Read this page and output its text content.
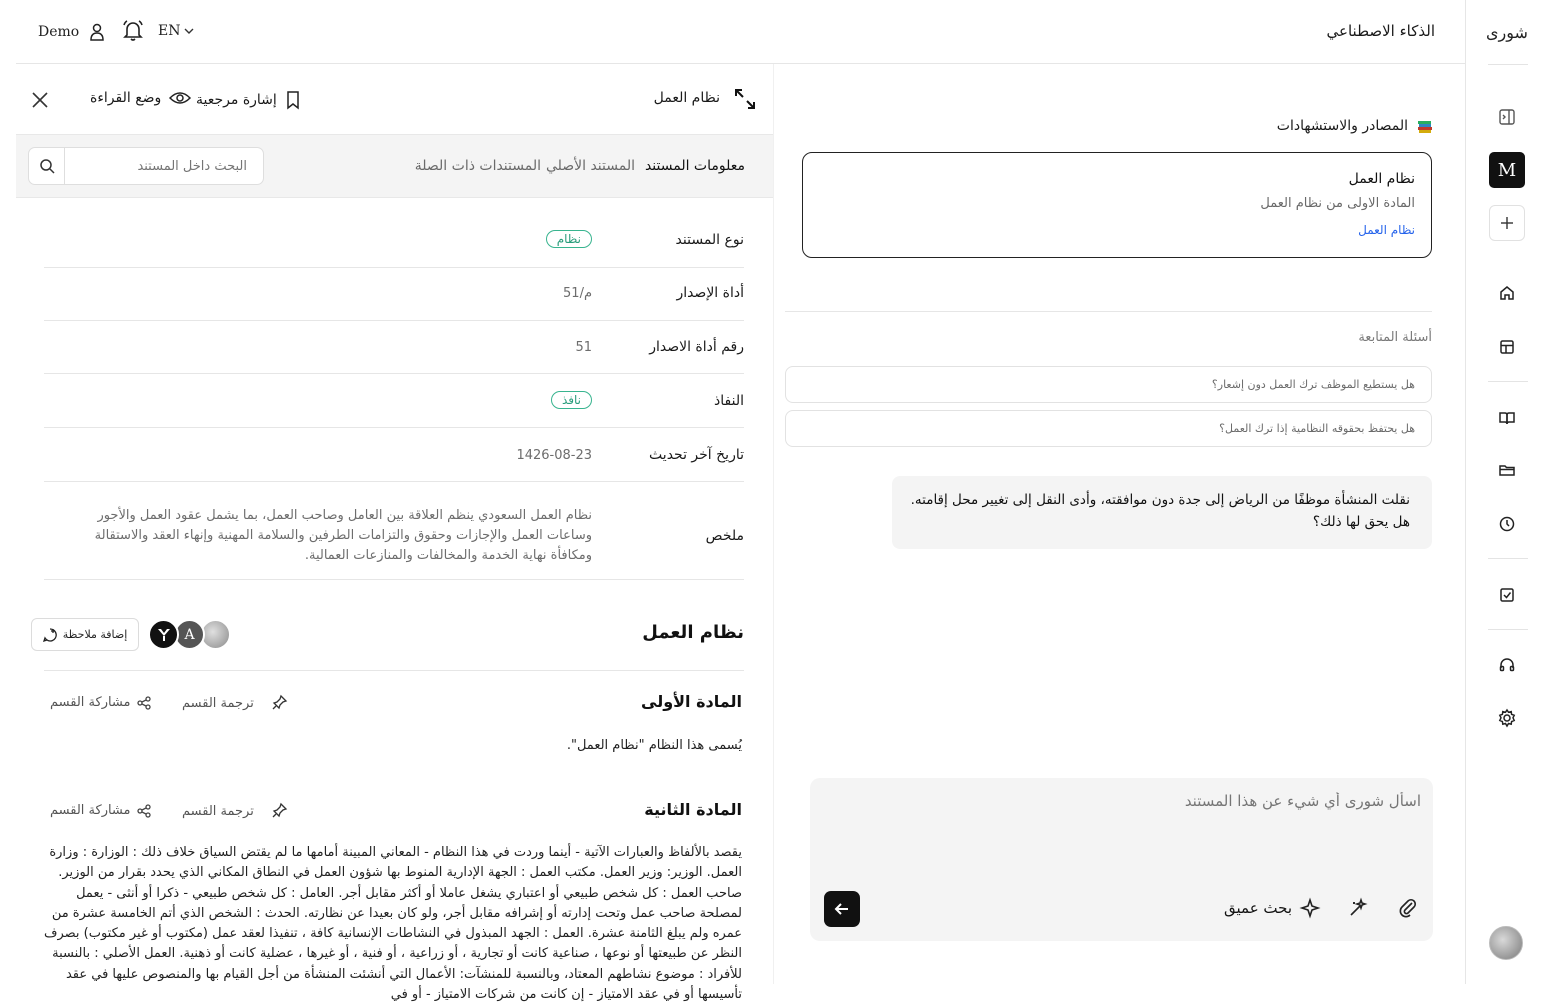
شورى
M
الذكاء الاصطناعي
Demo	EN
وضع القراءة إشارة مرجعية	نظام العمل
معلومات المستند
المستند الأصلي
المستندات ذات الصلة
البحث داخل المستند
نوع المستند
نظام
أداة الإصدار
م/51
رقم أداة الاصدار
51
النفاذ
نافذ
تاريخ آخر تحديث
1426-08-23
ملخص
نظام العمل السعودي ينظم العلاقة بين العامل وصاحب العمل، بما يشمل عقود العمل والأجور وساعات العمل والإجازات وحقوق والتزامات الطرفين والسلامة المهنية وإنهاء العقد والاستقالة ومكافأة نهاية الخدمة والمخالفات والمنازعات العمالية.
نظام العمل
A
إضافة ملاحظة
المادة الأولى
ترجمة القسم
مشاركة القسم
يُسمى هذا النظام "نظام العمل".
المادة الثانية
ترجمة القسم
مشاركة القسم
يقصد بالألفاظ والعبارات الآتية - أينما وردت في هذا النظام - المعاني المبينة أمامها ما لم يقتض السياق خلاف ذلك : الوزارة : وزارة العمل. الوزير: وزير العمل. مكتب العمل : الجهة الإدارية المنوط بها شؤون العمل في النطاق المكاني الذي يحدد بقرار من الوزير. صاحب العمل : كل شخص طبيعي أو اعتباري يشغل عاملا أو أكثر مقابل أجر. العامل : كل شخص طبيعي - ذكرا أو أنثى - يعمل لمصلحة صاحب عمل وتحت إدارته أو إشرافه مقابل أجر، ولو كان بعيدا عن نظارته. الحدث : الشخص الذي أتم الخامسة عشرة من عمره ولم يبلغ الثامنة عشرة. العمل : الجهد المبذول في النشاطات الإنسانية كافة ، تنفيذا لعقد عمل (مكتوب أو غير مكتوب) بصرف النظر عن طبيعتها أو نوعها ، صناعية كانت أو تجارية ، أو زراعية ، أو فنية ، أو غيرها ، عضلية كانت أو ذهنية. العمل الأصلي : بالنسبة للأفراد : موضوع نشاطهم المعتاد، وبالنسبة للمنشآت: الأعمال التي أنشئت المنشأة من أجل القيام بها والمنصوص عليها في عقد تأسيسها أو في عقد الامتياز - إن كانت من شركات الامتياز - أو في
المصادر والاستشهادات
نظام العمل
المادة الاولى من نظام العمل
نظام العمل
أسئلة المتابعة
هل يستطيع الموظف ترك العمل دون إشعار؟
هل يحتفظ بحقوقه النظامية إذا ترك العمل؟
نقلت المنشأة موظفًا من الرياض إلى جدة دون موافقته، وأدى النقل إلى تغيير محل إقامته. هل يحق لها ذلك؟
اسأل شورى أي شيء عن هذا المستند
بحث عميق
